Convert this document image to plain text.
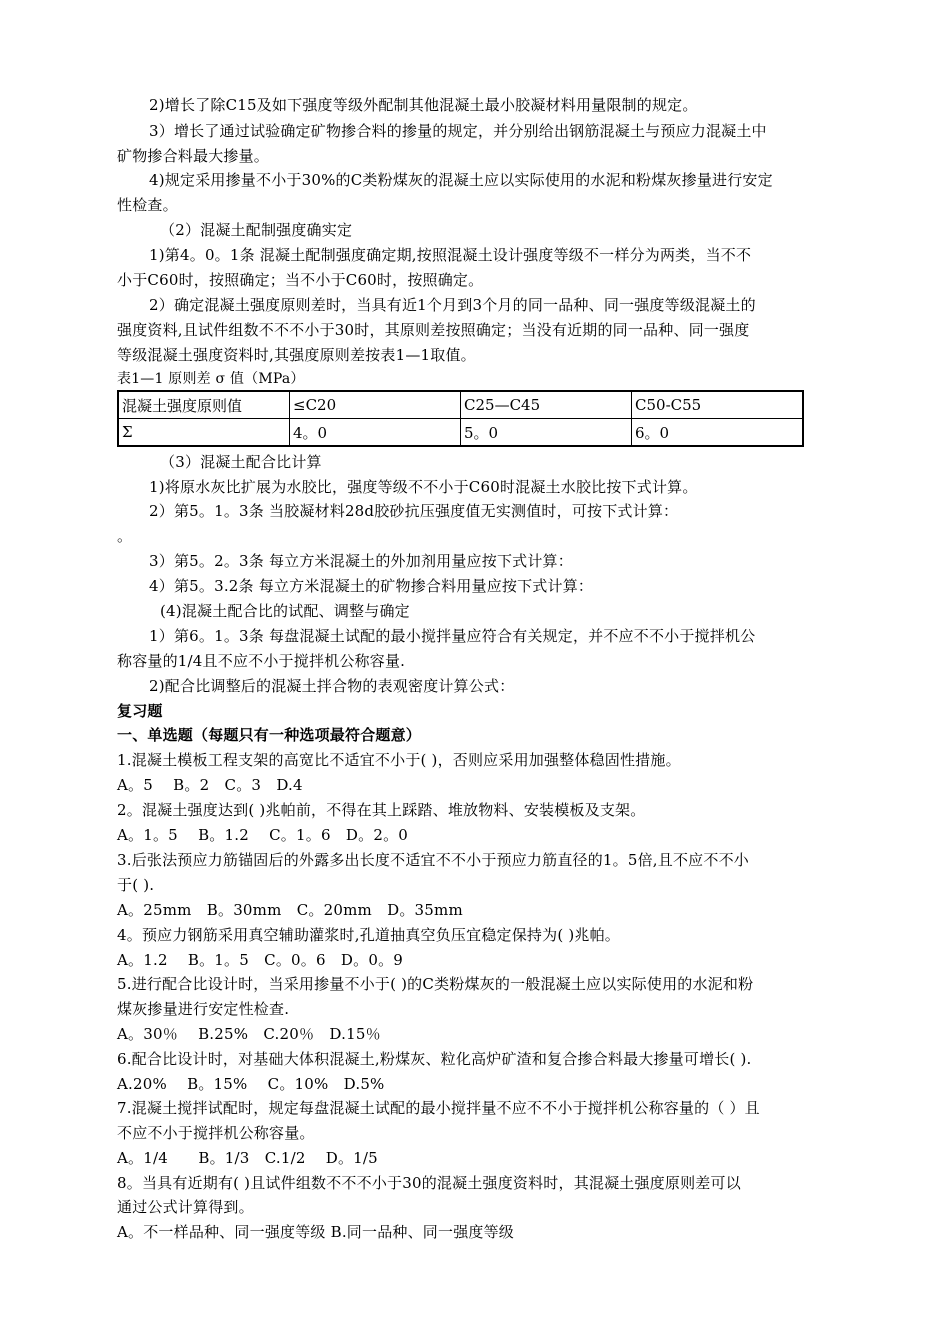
2)增长了除C15及如下强度等级外配制其他混凝土最小胶凝材料用量限制的规定。
3）增长了通过试验确定矿物掺合料的掺量的规定，并分别给出钢筋混凝土与预应力混凝土中
矿物掺合料最大掺量。
4)规定采用掺量不小于30%的C类粉煤灰的混凝土应以实际使用的水泥和粉煤灰掺量进行安定
性检查。
（2）混凝土配制强度确实定
1)第4。0。1条 混凝土配制强度确定期,按照混凝土设计强度等级不一样分为两类，当不不
小于C60时，按照确定；当不小于C60时，按照确定。
2）确定混凝土强度原则差时，当具有近1个月到3个月的同一品种、同一强度等级混凝土的
强度资料,且试件组数不不不小于30时，其原则差按照确定；当没有近期的同一品种、同一强度
等级混凝土强度资料时,其强度原则差按表1—1取值。
表1—1 原则差 σ 值（MPa）
混凝土强度原则值	≤C20	C25—C45	C50-C55
Σ	4。0	5。0	6。0
（3）混凝土配合比计算
1)将原水灰比扩展为水胶比，强度等级不不小于C60时混凝土水胶比按下式计算。
2）第5。1。3条 当胶凝材料28d胶砂抗压强度值无实测值时，可按下式计算：
。
3）第5。2。3条 每立方米混凝土的外加剂用量应按下式计算：
4）第5。3.2条 每立方米混凝土的矿物掺合料用量应按下式计算：
(4)混凝土配合比的试配、调整与确定
1）第6。1。3条 每盘混凝土试配的最小搅拌量应符合有关规定，并不应不不小于搅拌机公
称容量的1/4且不应不小于搅拌机公称容量.
2)配合比调整后的混凝土拌合物的表观密度计算公式：
复习题
一、单选题（每题只有一种选项最符合题意）
1.混凝土模板工程支架的高宽比不适宜不小于( )，否则应采用加强整体稳固性措施。
A。5　 B。2　C。3　D.4
2。混凝土强度达到( )兆帕前，不得在其上踩踏、堆放物料、安装模板及支架。
A。1。5　 B。1.2　 C。1。6　D。2。0
3.后张法预应力筋锚固后的外露多出长度不适宜不不小于预应力筋直径的1。5倍,且不应不不小
于( ).
A。25mm　B。30mm　C。20mm　D。35mm
4。预应力钢筋采用真空辅助灌浆时,孔道抽真空负压宜稳定保持为( )兆帕。
A。1.2　 B。1。5　C。0。6　D。0。9
5.进行配合比设计时，当采用掺量不小于( )的C类粉煤灰的一般混凝土应以实际使用的水泥和粉
煤灰掺量进行安定性检查.
A。30％　 B.25%　C.20％　D.15％
6.配合比设计时，对基础大体积混凝土,粉煤灰、粒化高炉矿渣和复合掺合料最大掺量可增长( ).
A.20%　 B。15%　 C。10%　D.5%
7.混凝土搅拌试配时，规定每盘混凝土试配的最小搅拌量不应不不小于搅拌机公称容量的（ ）且
不应不小于搅拌机公称容量。
A。1/4　　B。1/3　C.1/2　 D。1/5
8。当具有近期有( )且试件组数不不不小于30的混凝土强度资料时，其混凝土强度原则差可以
通过公式计算得到。
A。不一样品种、同一强度等级 B.同一品种、同一强度等级
